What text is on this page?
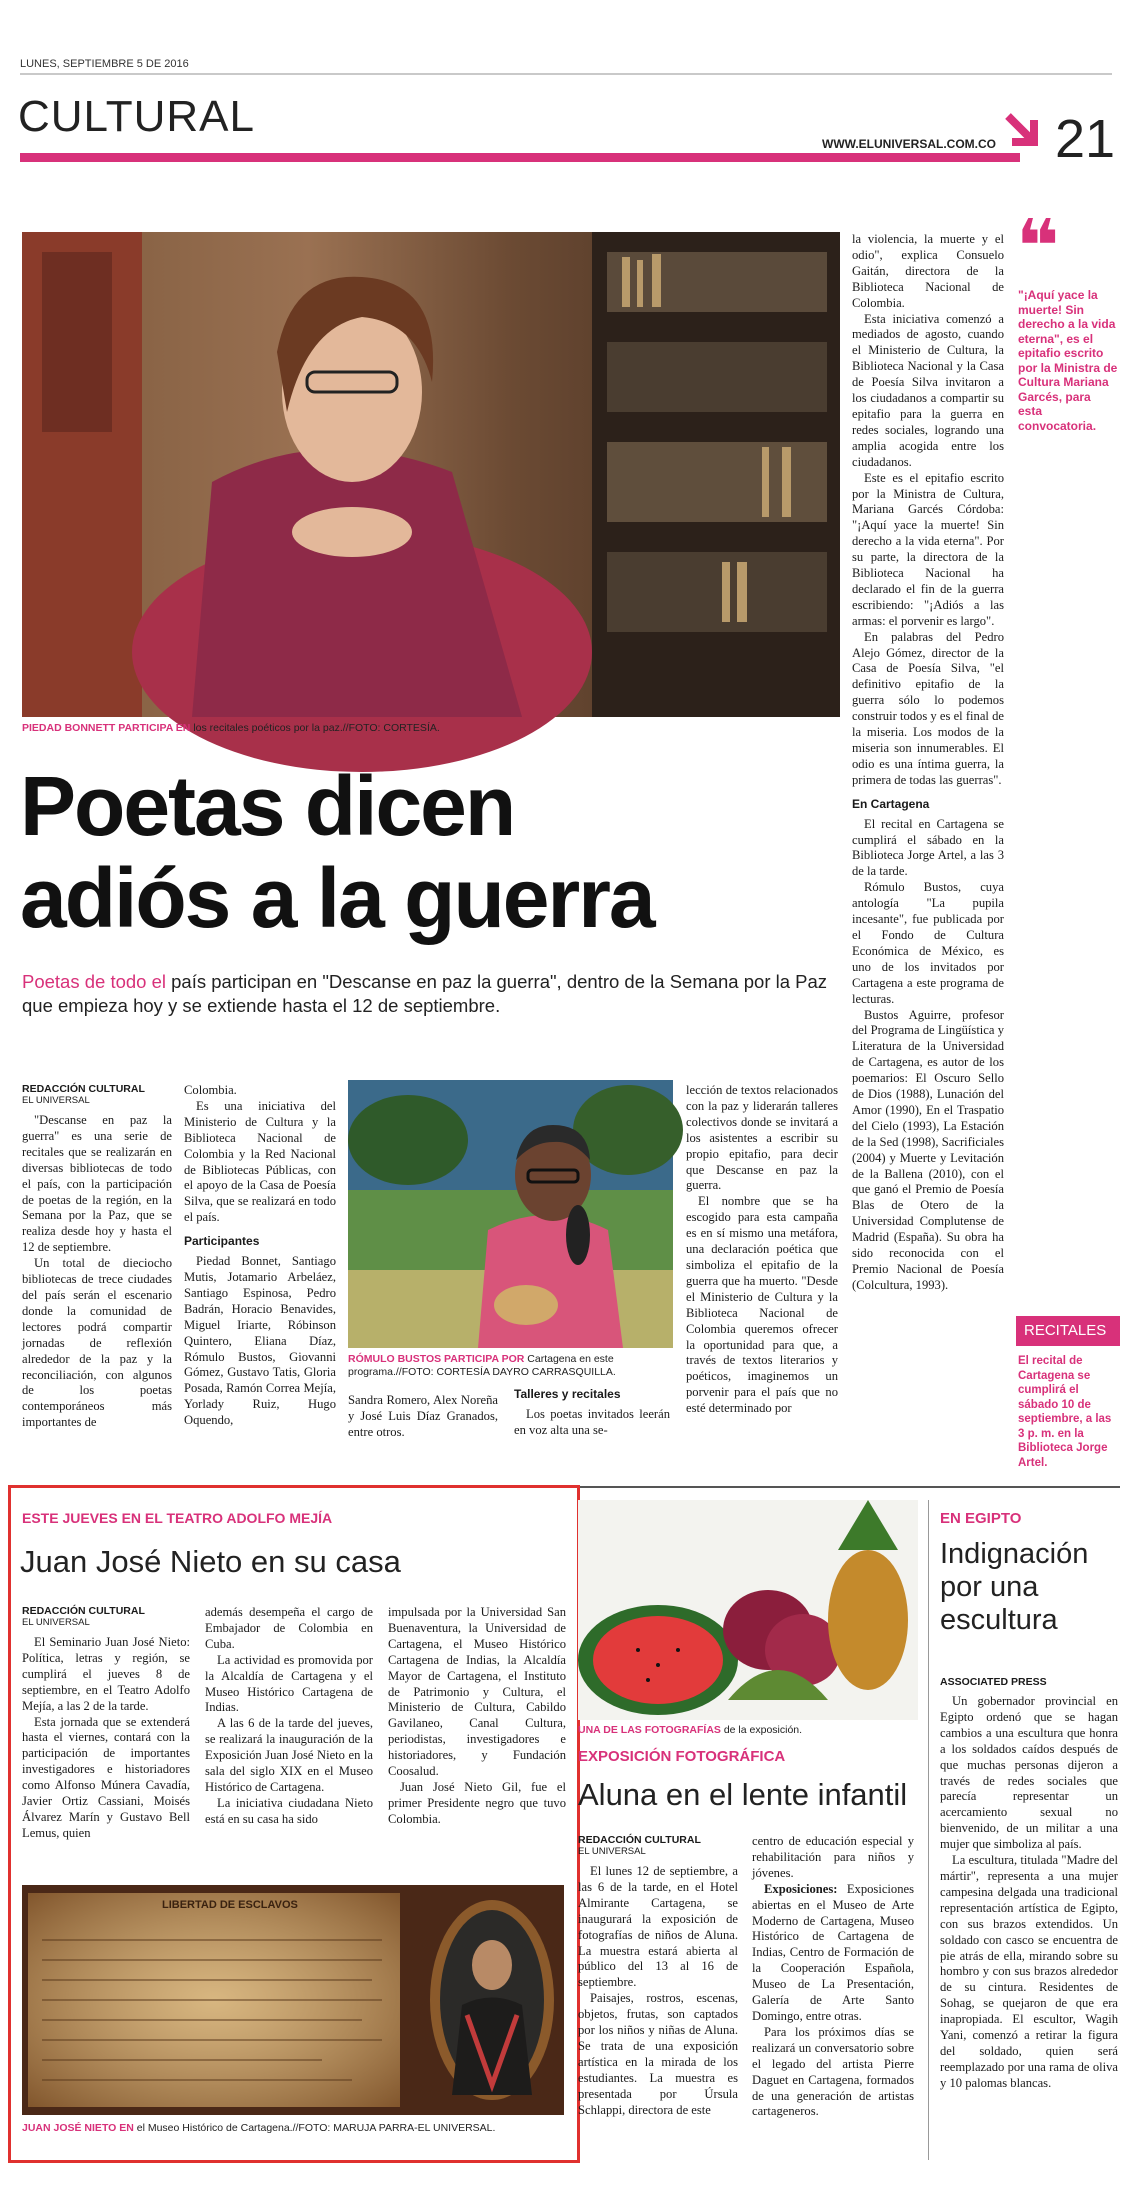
LUNES, SEPTIEMBRE 5 DE 2016
CULTURAL
WWW.ELUNIVERSAL.COM.CO 21
PIEDAD BONNETT PARTICIPA EN los recitales poéticos por la paz.//FOTO: CORTESÍA.
Poetas dicen
adiós a la guerra
Poetas de todo el país participan en "Descanse en paz la guerra", dentro de la Semana por la Paz que empieza hoy y se extiende hasta el 12 de septiembre.
REDACCIÓN CULTURAL
EL UNIVERSAL

"Descanse en paz la guerra" es una serie de recitales que se realizarán en diversas bibliotecas de todo el país, con la participación de poetas de la región, en la Semana por la Paz, que se realiza desde hoy y hasta el 12 de septiembre.

Un total de dieciocho bibliotecas de trece ciudades del país serán el escenario donde la comunidad de lectores podrá compartir jornadas de reflexión alrededor de la paz y la reconciliación, con algunos de los poetas contemporáneos más importantes de

Colombia.

Es una iniciativa del Ministerio de Cultura y la Biblioteca Nacional de Colombia y la Red Nacional de Bibliotecas Públicas, con el apoyo de la Casa de Poesía Silva, que se realizará en todo el país.

Participantes

Piedad Bonnet, Santiago Mutis, Jotamario Arbeláez, Santiago Espinosa, Pedro Badrán, Horacio Benavides, Miguel Iriarte, Róbinson Quintero, Eliana Díaz, Rómulo Bustos, Giovanni Gómez, Gustavo Tatis, Gloria Posada, Ramón Correa Mejía, Yorlady Ruiz, Hugo Oquendo,

RÓMULO BUSTOS PARTICIPA POR Cartagena en este programa.//FOTO: CORTESÍA DAYRO CARRASQUILLA.

Sandra Romero, Alex Noreña y José Luis Díaz Granados, entre otros.

Talleres y recitales

Los poetas invitados leerán en voz alta una se-

lección de textos relacionados con la paz y liderarán talleres colectivos donde se invitará a los asistentes a escribir su propio epitafio, para decir que Descanse en paz la guerra.

El nombre que se ha escogido para esta campaña es en sí mismo una metáfora, una declaración poética que simboliza el epitafio de la guerra que ha muerto. "Desde el Ministerio de Cultura y la Biblioteca Nacional de Colombia queremos ofrecer la oportunidad para que, a través de textos literarios y poéticos, imaginemos un porvenir para el país que no esté determinado por

la violencia, la muerte y el odio", explica Consuelo Gaitán, directora de la Biblioteca Nacional de Colombia.

Esta iniciativa comenzó a mediados de agosto, cuando el Ministerio de Cultura, la Biblioteca Nacional y la Casa de Poesía Silva invitaron a los ciudadanos a compartir su epitafio para la guerra en redes sociales, logrando una amplia acogida entre los ciudadanos.

Este es el epitafio escrito por la Ministra de Cultura, Mariana Garcés Córdoba: "¡Aquí yace la muerte! Sin derecho a la vida eterna". Por su parte, la directora de la Biblioteca Nacional ha declarado el fin de la guerra escribiendo: "¡Adiós a las armas: el porvenir es largo".

En palabras del Pedro Alejo Gómez, director de la Casa de Poesía Silva, "el definitivo epitafio de la guerra sólo lo podemos construir todos y es el final de la miseria. Los modos de la miseria son innumerables. El odio es una íntima guerra, la primera de todas las guerras".

En Cartagena

El recital en Cartagena se cumplirá el sábado en la Biblioteca Jorge Artel, a las 3 de la tarde.

Rómulo Bustos, cuya antología "La pupila incesante", fue publicada por el Fondo de Cultura Económica de México, es uno de los invitados por Cartagena a este programa de lecturas.

Bustos Aguirre, profesor del Programa de Lingüística y Literatura de la Universidad de Cartagena, es autor de los poemarios: El Oscuro Sello de Dios (1988), Lunación del Amor (1990), En el Traspatio del Cielo (1993), La Estación de la Sed (1998), Sacrificiales (2004) y Muerte y Levitación de la Ballena (2010), con el que ganó el Premio de Poesía Blas de Otero de la Universidad Complutense de Madrid (España). Su obra ha sido reconocida con el Premio Nacional de Poesía (Colcultura, 1993).

❝
"¡Aquí yace la muerte! Sin derecho a la vida eterna", es el epitafio escrito por la Ministra de Cultura Mariana Garcés, para esta convocatoria.
RECITALES
El recital de Cartagena se cumplirá el sábado 10 de septiembre, a las 3 p. m. en la Biblioteca Jorge Artel.
ESTE JUEVES EN EL TEATRO ADOLFO MEJÍA
Juan José Nieto en su casa
REDACCIÓN CULTURAL
EL UNIVERSAL

El Seminario Juan José Nieto: Política, letras y región, se cumplirá el jueves 8 de septiembre, en el Teatro Adolfo Mejía, a las 2 de la tarde.

Esta jornada que se extenderá hasta el viernes, contará con la participación de importantes investigadores e historiadores como Alfonso Múnera Cavadía, Javier Ortiz Cassiani, Moisés Álvarez Marín y Gustavo Bell Lemus, quien

además desempeña el cargo de Embajador de Colombia en Cuba.

La actividad es promovida por la Alcaldía de Cartagena y el Museo Histórico Cartagena de Indias.

A las 6 de la tarde del jueves, se realizará la inauguración de la Exposición Juan José Nieto en la sala del siglo XIX en el Museo Histórico de Cartagena.

La iniciativa ciudadana Nieto está en su casa ha sido

impulsada por la Universidad San Buenaventura, la Universidad de Cartagena, el Museo Histórico Cartagena de Indias, la Alcaldía Mayor de Cartagena, el Instituto de Patrimonio y Cultura, el Ministerio de Cultura, Cabildo Gavilaneo, Canal Cultura, periodistas, investigadores e historiadores, y Fundación Coosalud.

Juan José Nieto Gil, fue el primer Presidente negro que tuvo Colombia.

LIBERTAD DE ESCLAVOS
JUAN JOSÉ NIETO EN el Museo Histórico de Cartagena.//FOTO: MARUJA PARRA-EL UNIVERSAL.
UNA DE LAS FOTOGRAFÍAS de la exposición.
EXPOSICIÓN FOTOGRÁFICA
Aluna en el lente infantil
REDACCIÓN CULTURAL
EL UNIVERSAL

El lunes 12 de septiembre, a las 6 de la tarde, en el Hotel Almirante Cartagena, se inaugurará la exposición de fotografías de niños de Aluna. La muestra estará abierta al público del 13 al 16 de septiembre.

Paisajes, rostros, escenas, objetos, frutas, son captados por los niños y niñas de Aluna. Se trata de una exposición artística en la mirada de los estudiantes. La muestra es presentada por Úrsula Schlappi, directora de este

centro de educación especial y rehabilitación para niños y jóvenes.

Exposiciones: Exposiciones abiertas en el Museo de Arte Moderno de Cartagena, Museo Histórico de Cartagena de Indias, Centro de Formación de la Cooperación Española, Museo de La Presentación, Galería de Arte Santo Domingo, entre otras.

Para los próximos días se realizará un conversatorio sobre el legado del artista Pierre Daguet en Cartagena, formados de una generación de artistas cartageneros.

EN EGIPTO
Indignación por una escultura
ASSOCIATED PRESS

Un gobernador provincial en Egipto ordenó que se hagan cambios a una escultura que honra a los soldados caídos después de que muchas personas dijeron a través de redes sociales que parecía representar un acercamiento sexual no bienvenido, de un militar a una mujer que simboliza al país.

La escultura, titulada "Madre del mártir", representa a una mujer campesina delgada una tradicional representación artística de Egipto, con sus brazos extendidos. Un soldado con casco se encuentra de pie atrás de ella, mirando sobre su hombro y con sus brazos alrededor de su cintura. Residentes de Sohag, se quejaron de que era inapropiada. El escultor, Wagih Yani, comenzó a retirar la figura del soldado, quien será reemplazado por una rama de oliva y 10 palomas blancas.
